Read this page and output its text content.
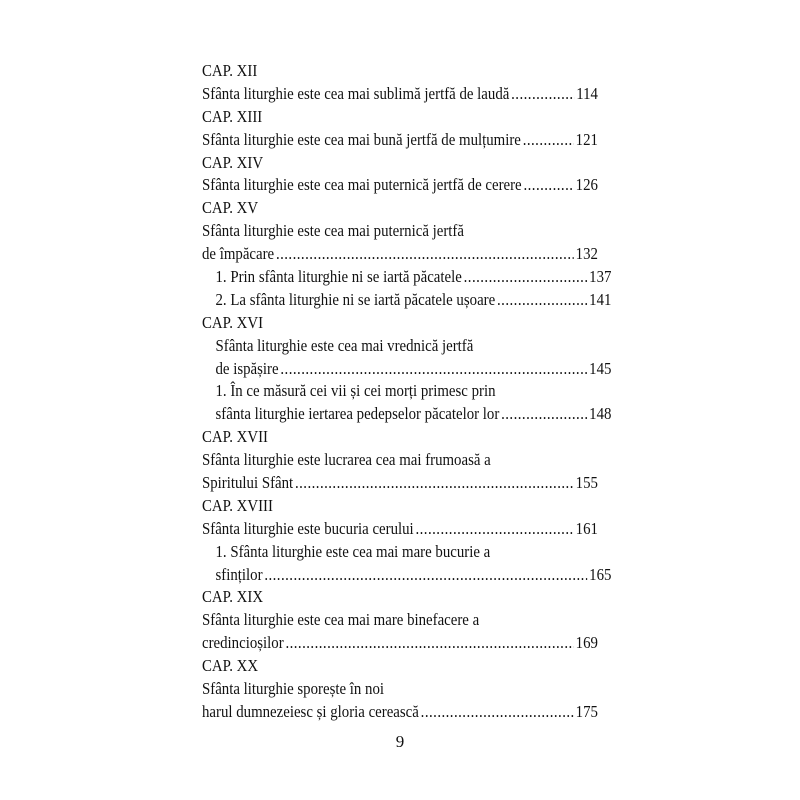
CAP. XII
Sfânta liturghie este cea mai sublimă jertfă de laudă .....	114
CAP. XIII
Sfânta liturghie este cea mai bună jertfă de mulțumire .....	121
CAP. XIV
Sfânta liturghie este cea mai puternică jertfă de cerere .....	126
CAP. XV
Sfânta liturghie este cea mai puternică jertfă
de împăcare .....	132
1. Prin sfânta liturghie ni se iartă păcatele .....	137
2. La sfânta liturghie ni se iartă păcatele ușoare .....	141
CAP. XVI
Sfânta liturghie este cea mai vrednică jertfă
de ispășire .....	145
1. În ce măsură cei vii și cei morți primesc prin
sfânta liturghie iertarea pedepselor păcatelor lor .....	148
CAP. XVII
Sfânta liturghie este lucrarea cea mai frumoasă a
Spiritului Sfânt .....	155
CAP. XVIII
Sfânta liturghie este bucuria cerului .....	161
1. Sfânta liturghie este cea mai mare bucurie a
sfinților .....	165
CAP. XIX
Sfânta liturghie este cea mai mare binefacere a
credincioșilor .....	169
CAP. XX
Sfânta liturghie sporește în noi
harul dumnezeiesc și gloria cerească .....	175
9
